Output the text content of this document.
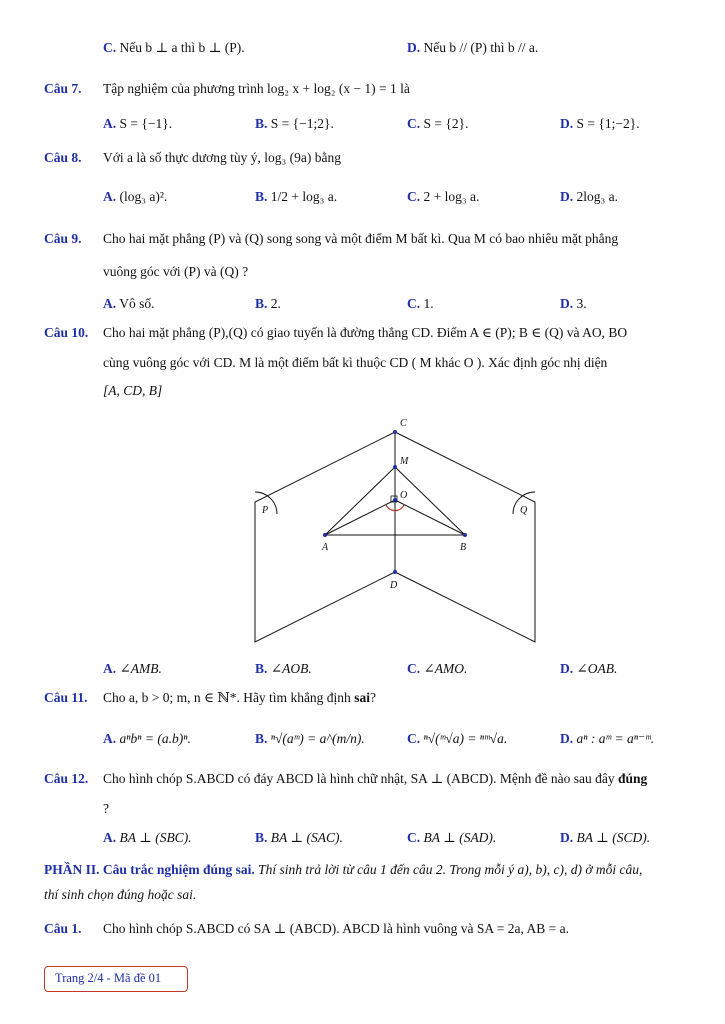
C. Nếu b ⊥ a thì b ⊥ (P).	D. Nếu b // (P) thì b // a.
Câu 7. Tập nghiệm của phương trình log₂ x + log₂ (x − 1) = 1 là
A. S = {−1}.	B. S = {−1;2}.	C. S = {2}.	D. S = {1;−2}.
Câu 8. Với a là số thực dương tùy ý, log₃ (9a) bằng
A. (log₃ a)².	B. 1/2 + log₃ a.	C. 2 + log₃ a.	D. 2log₃ a.
Câu 9. Cho hai mặt phẳng (P) và (Q) song song và một điểm M bất kì. Qua M có bao nhiêu mặt phẳng
vuông góc với (P) và (Q) ?
A. Vô số.	B. 2.	C. 1.	D. 3.
Câu 10. Cho hai mặt phẳng (P),(Q) có giao tuyến là đường thẳng CD. Điểm A ∈ (P); B ∈ (Q) và AO, BO
cùng vuông góc với CD. M là một điểm bất kì thuộc CD ( M khác O ). Xác định góc nhị diện
[A, CD, B]
C
M
O
P	Q
A	B
D
A. ∠AMB.	B. ∠AOB.	C. ∠AMO.	D. ∠OAB.
Câu 11. Cho a, b > 0; m, n ∈ ℕ*. Hãy tìm khẳng định sai?
A. aⁿbⁿ = (a.b)ⁿ.	B. ⁿ√(aᵐ) = a^(m/n).	C. ⁿ√(ᵐ√a) = ⁿᵐ√a.	D. aⁿ : aᵐ = aⁿ⁻ᵐ.
Câu 12. Cho hình chóp S.ABCD có đáy ABCD là hình chữ nhật, SA ⊥ (ABCD). Mệnh đề nào sau đây đúng
?
A. BA ⊥ (SBC).	B. BA ⊥ (SAC).	C. BA ⊥ (SAD).	D. BA ⊥ (SCD).
PHẦN II. Câu trắc nghiệm đúng sai. Thí sinh trả lời từ câu 1 đến câu 2. Trong mỗi ý a), b), c), d) ở mỗi câu,
thí sinh chọn đúng hoặc sai.
Câu 1. Cho hình chóp S.ABCD có SA ⊥ (ABCD). ABCD là hình vuông và SA = 2a, AB = a.
Trang 2/4 - Mã đề 01
